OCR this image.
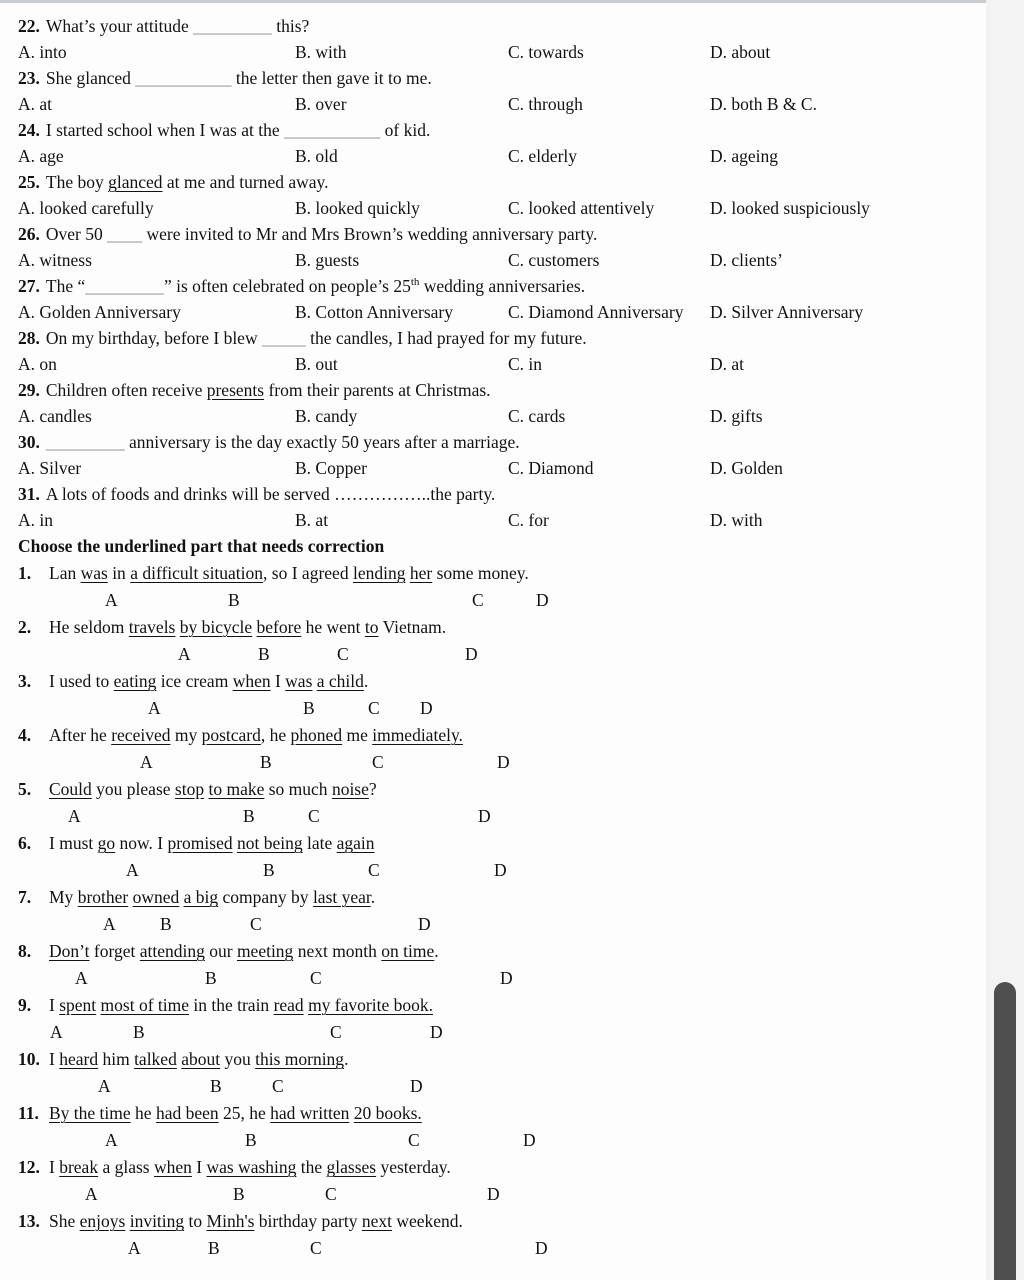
22. What’s your attitude _________ this?
A. into	B. with	C. towards	D. about
23. She glanced ___________ the letter then gave it to me.
A. at	B. over	C. through	D. both B & C.
24. I started school when I was at the ___________ of kid.
A. age	B. old	C. elderly	D. ageing
25. The boy glanced at me and turned away.
A. looked carefully	B. looked quickly	C. looked attentively	D. looked suspiciously
26. Over 50 ____ were invited to Mr and Mrs Brown’s wedding anniversary party.
A. witness	B. guests	C. customers	D. clients’
27. The “_________” is often celebrated on people’s 25th wedding anniversaries.
A. Golden Anniversary	B. Cotton Anniversary	C. Diamond Anniversary	D. Silver Anniversary
28. On my birthday, before I blew _____ the candles, I had prayed for my future.
A. on	B. out	C. in	D. at
29. Children often receive presents from their parents at Christmas.
A. candles	B. candy	C. cards	D. gifts
30. _________ anniversary is the day exactly 50 years after a marriage.
A. Silver	B. Copper	C. Diamond	D. Golden
31. A lots of foods and drinks will be served ……………..the party.
A. in	B. at	C. for	D. with
Choose the underlined part that needs correction
1. Lan was in a difficult situation, so I agreed lending her some money.
A	B	C	D
2. He seldom travels by bicycle before he went to Vietnam.
A	B	C	D
3. I used to eating ice cream when I was a child.
A	B	C D
4. After he received my postcard, he phoned me immediately.
A	B	C	D
5. Could you please stop to make so much noise?
A	B	C	D
6. I must go now. I promised not being late again
A	B	C	D
7. My brother owned a big company by last year.
A	B	C	D
8. Don’t forget attending our meeting next month on time.
A	B	C	D
9. I spent most of time in the train read my favorite book.
A	B	C	D
10. I heard him talked about you this morning.
A	B	C	D
11. By the time he had been 25, he had written 20 books.
A	B	C	D
12. I break a glass when I was washing the glasses yesterday.
A	B	C	D
13. She enjoys inviting to Minh's birthday party next weekend.
A	B	C	D
